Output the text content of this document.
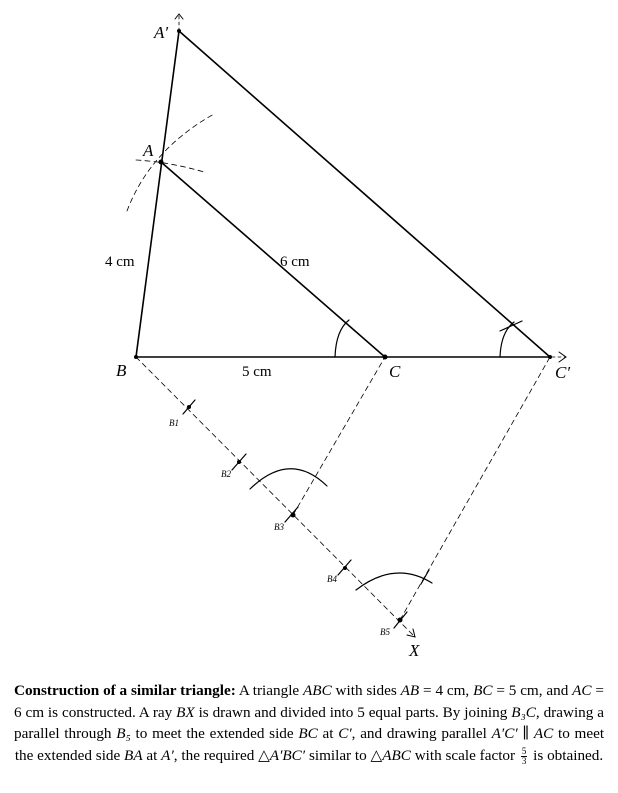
A′
A
B	C	C′
X
B1
B2
B3
B4
B5
4 cm	6 cm
5 cm
Construction of a similar triangle: A triangle ABC with sides AB = 4 cm, BC = 5 cm, and AC = 6 cm is constructed. A ray BX is drawn and divided into 5 equal parts. By joining B₃C, drawing a parallel through B₅ to meet the extended side BC at C′, and drawing parallel A′C′ ∥ AC to meet the extended side BA at A′, the required △A′BC′ similar to △ABC with scale factor $\frac{5}{3}$ is obtained.
